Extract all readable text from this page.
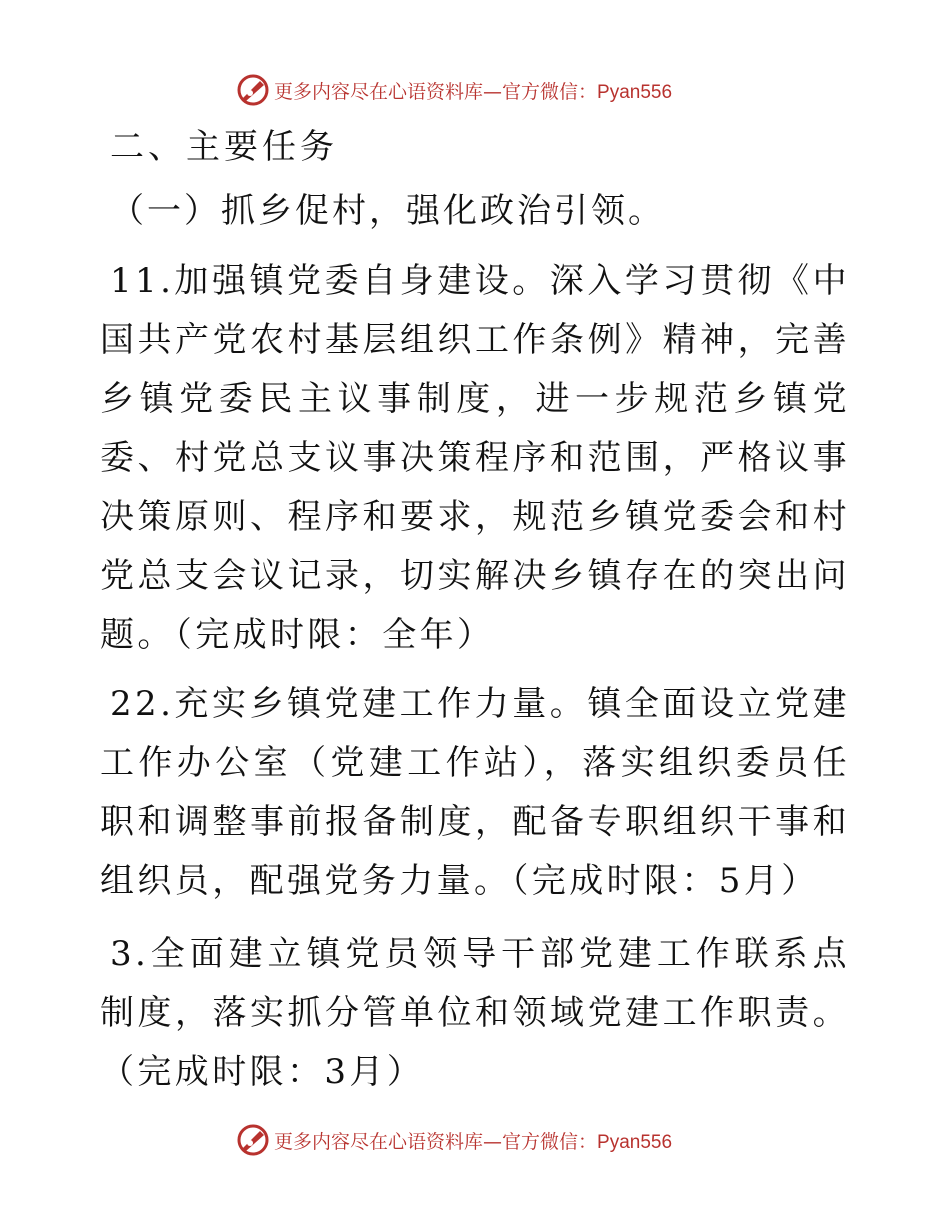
更多内容尽在心语资料库—官方微信：Pyan556
二、主要任务
（一）抓乡促村，强化政治引领。

11.加强镇党委自身建设。深入学习贯彻《中国共产党农村基层组织工作条例》精神，完善乡镇党委民主议事制度，进一步规范乡镇党委、村党总支议事决策程序和范围，严格议事决策原则、程序和要求，规范乡镇党委会和村党总支会议记录，切实解决乡镇存在的突出问题。（完成时限：全年）

22.充实乡镇党建工作力量。镇全面设立党建工作办公室（党建工作站），落实组织委员任职和调整事前报备制度，配备专职组织干事和组织员，配强党务力量。（完成时限：5月）

3.全面建立镇党员领导干部党建工作联系点制度，落实抓分管单位和领域党建工作职责。（完成时限：3月）

更多内容尽在心语资料库—官方微信：Pyan556
